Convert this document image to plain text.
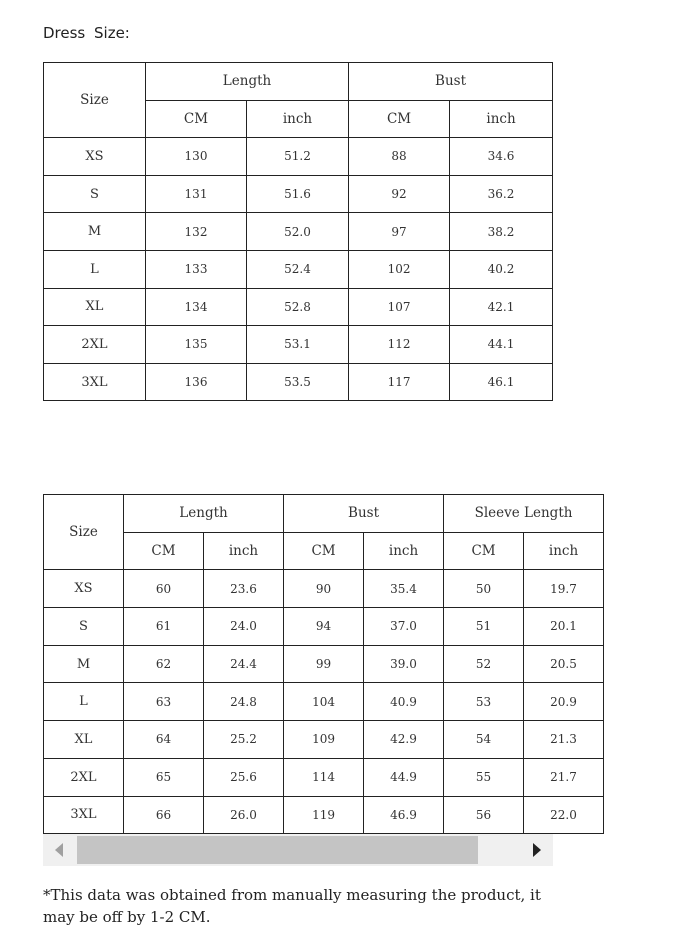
Dress Size:
Size	Length		Bust	
	CM	inch	CM	inch
XS	130	51.2	88	34.6
S	131	51.6	92	36.2
M	132	52.0	97	38.2
L	133	52.4	102	40.2
XL	134	52.8	107	42.1
2XL	135	53.1	112	44.1
3XL	136	53.5	117	46.1
Size	Length		Bust		Sleeve Length	
	CM	inch	CM	inch	CM	inch
XS	60	23.6	90	35.4	50	19.7
S	61	24.0	94	37.0	51	20.1
M	62	24.4	99	39.0	52	20.5
L	63	24.8	104	40.9	53	20.9
XL	64	25.2	109	42.9	54	21.3
2XL	65	25.6	114	44.9	55	21.7
3XL	66	26.0	119	46.9	56	22.0
*This data was obtained from manually measuring the product, it may be off by 1-2 CM.
